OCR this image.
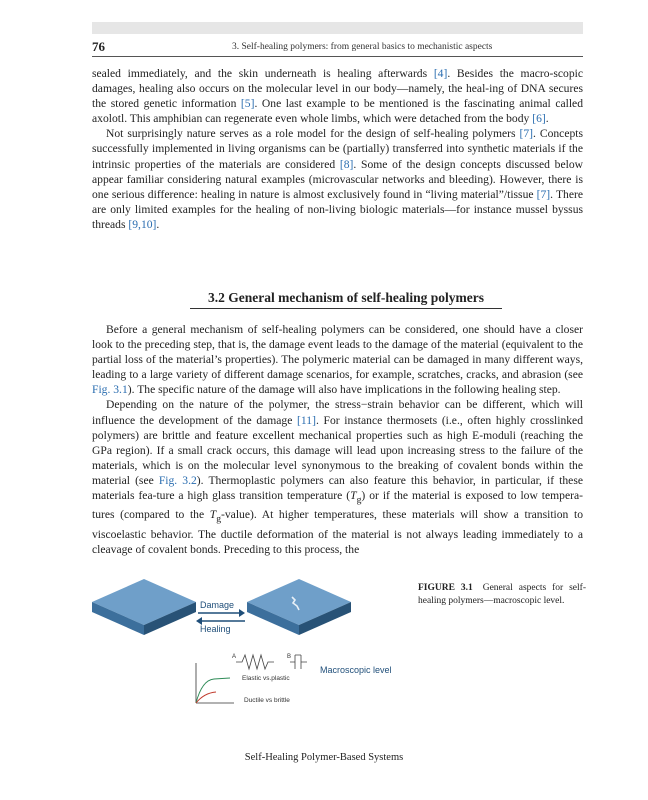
76	3. Self-healing polymers: from general basics to mechanistic aspects

sealed immediately, and the skin underneath is healing afterwards [4]. Besides the macro-scopic damages, healing also occurs on the molecular level in our body—namely, the heal-ing of DNA secures the stored genetic information [5]. One last example to be mentioned is the fascinating animal called axolotl. This amphibian can regenerate even whole limbs, which were detached from the body [6].

Not surprisingly nature serves as a role model for the design of self-healing polymers [7]. Concepts successfully implemented in living organisms can be (partially) transferred into synthetic materials if the intrinsic properties of the materials are considered [8]. Some of the design concepts discussed below appear familiar considering natural examples (microvascular networks and bleeding). However, there is one serious difference: healing in nature is almost exclusively found in “living material”/tissue [7]. There are only limited examples for the healing of non-living biologic materials—for instance mussel byssus threads [9,10].

3.2 General mechanism of self-healing polymers

Before a general mechanism of self-healing polymers can be considered, one should have a closer look to the preceding step, that is, the damage event leads to the damage of the material (equivalent to the partial loss of the material’s properties). The polymeric material can be damaged in many different ways, leading to a large variety of different damage scenarios, for example, scratches, cracks, and abrasion (see Fig. 3.1). The specific nature of the damage will also have implications in the following healing step.

Depending on the nature of the polymer, the stress−strain behavior can be different, which will influence the development of the damage [11]. For instance thermosets (i.e., often highly crosslinked polymers) are brittle and feature excellent mechanical properties such as high E-moduli (reaching the GPa region). If a small crack occurs, this damage will lead upon increasing stress to the failure of the materials, which is on the molecular level synonymous to the breaking of covalent bonds within the material (see Fig. 3.2). Thermoplastic polymers can also feature this behavior, in particular, if these materials fea-ture a high glass transition temperature $(T_g)$ or if the material is exposed to low tempera-tures (compared to the $T_g-value$). At higher temperatures, these materials will show a transition to viscoelastic behavior. The ductile deformation of the material is not always leading immediately to a cleavage of covalent bonds. Preceding to this process, the

Damage
Healing
A	B
Elastic vs.plastic
Macroscopic level
Ductile vs brittle
FIGURE 3.1 General aspects for self-healing polymers—macroscopic level.
Self-Healing Polymer-Based Systems
